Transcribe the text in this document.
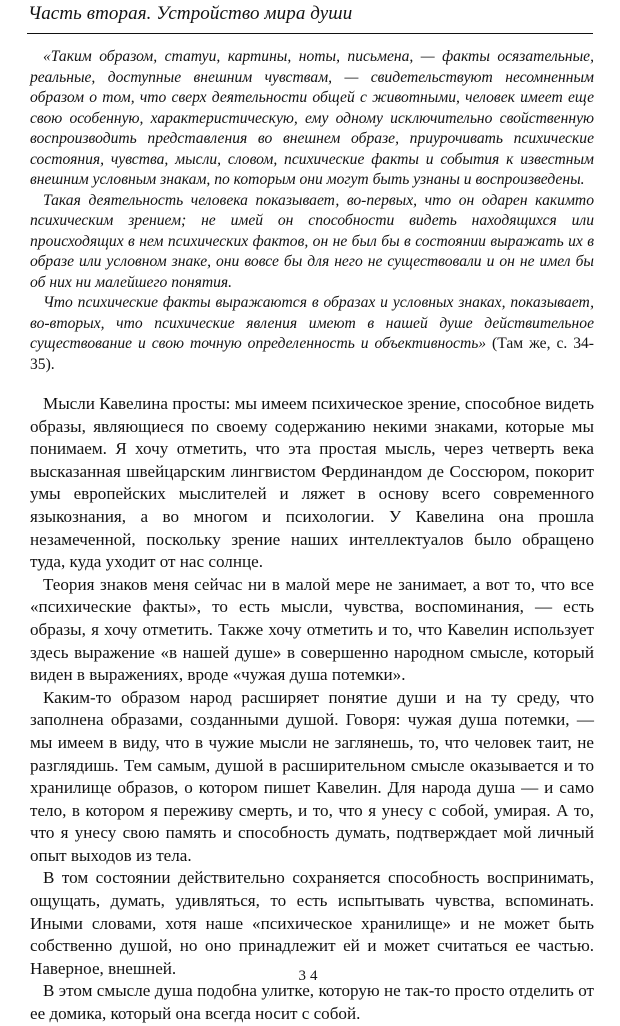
Часть вторая. Устройство мира души

«Таким образом, статуи, картины, ноты, письмена, — факты осязательные, реальные, доступные внешним чувствам, — свидетельствуют несомненным образом о том, что сверх деятельности общей с животными, человек имеет еще свою особенную, характеристическую, ему одному исключительно свойственную воспроизводить представления во внешнем образе, приурочивать психические состояния, чувства, мысли, словом, психические факты и события к известным внешним условным знакам, по которым они могут быть узнаны и воспроизведены.

Такая деятельность человека показывает, во-первых, что он одарен какимто психическим зрением; не имей он способности видеть находящихся или происходящих в нем психических фактов, он не был бы в состоянии выражать их в образе или условном знаке, они вовсе бы для него не существовали и он не имел бы об них ни малейшего понятия.

Что психические факты выражаются в образах и условных знаках, показывает, во-вторых, что психические явления имеют в нашей душе действительное существование и свою точную определенность и объективность» (Там же, с. 34-35).

Мысли Кавелина просты: мы имеем психическое зрение, способное видеть образы, являющиеся по своему содержанию некими знаками, которые мы понимаем. Я хочу отметить, что эта простая мысль, через четверть века высказанная швейцарским лингвистом Фердинандом де Соссюром, покорит умы европейских мыслителей и ляжет в основу всего современного языкознания, а во многом и психологии. У Кавелина она прошла незамеченной, поскольку зрение наших интеллектуалов было обращено туда, куда уходит от нас солнце.

Теория знаков меня сейчас ни в малой мере не занимает, а вот то, что все «психические факты», то есть мысли, чувства, воспоминания, — есть образы, я хочу отметить. Также хочу отметить и то, что Кавелин использует здесь выражение «в нашей душе» в совершенно народном смысле, который виден в выражениях, вроде «чужая душа потемки».

Каким-то образом народ расширяет понятие души и на ту среду, что заполнена образами, созданными душой. Говоря: чужая душа потемки, — мы имеем в виду, что в чужие мысли не заглянешь, то, что человек таит, не разглядишь. Тем самым, душой в расширительном смысле оказывается и то хранилище образов, о котором пишет Кавелин. Для народа душа — и само тело, в котором я переживу смерть, и то, что я унесу с собой, умирая. А то, что я унесу свою память и способность думать, подтверждает мой личный опыт выходов из тела.

В том состоянии действительно сохраняется способность воспринимать, ощущать, думать, удивляться, то есть испытывать чувства, вспоминать. Иными словами, хотя наше «психическое хранилище» и не может быть собственно душой, но оно принадлежит ей и может считаться ее частью. Наверное, внешней.

В этом смысле душа подобна улитке, которую не так-то просто отделить от ее домика, который она всегда носит с собой.

34
